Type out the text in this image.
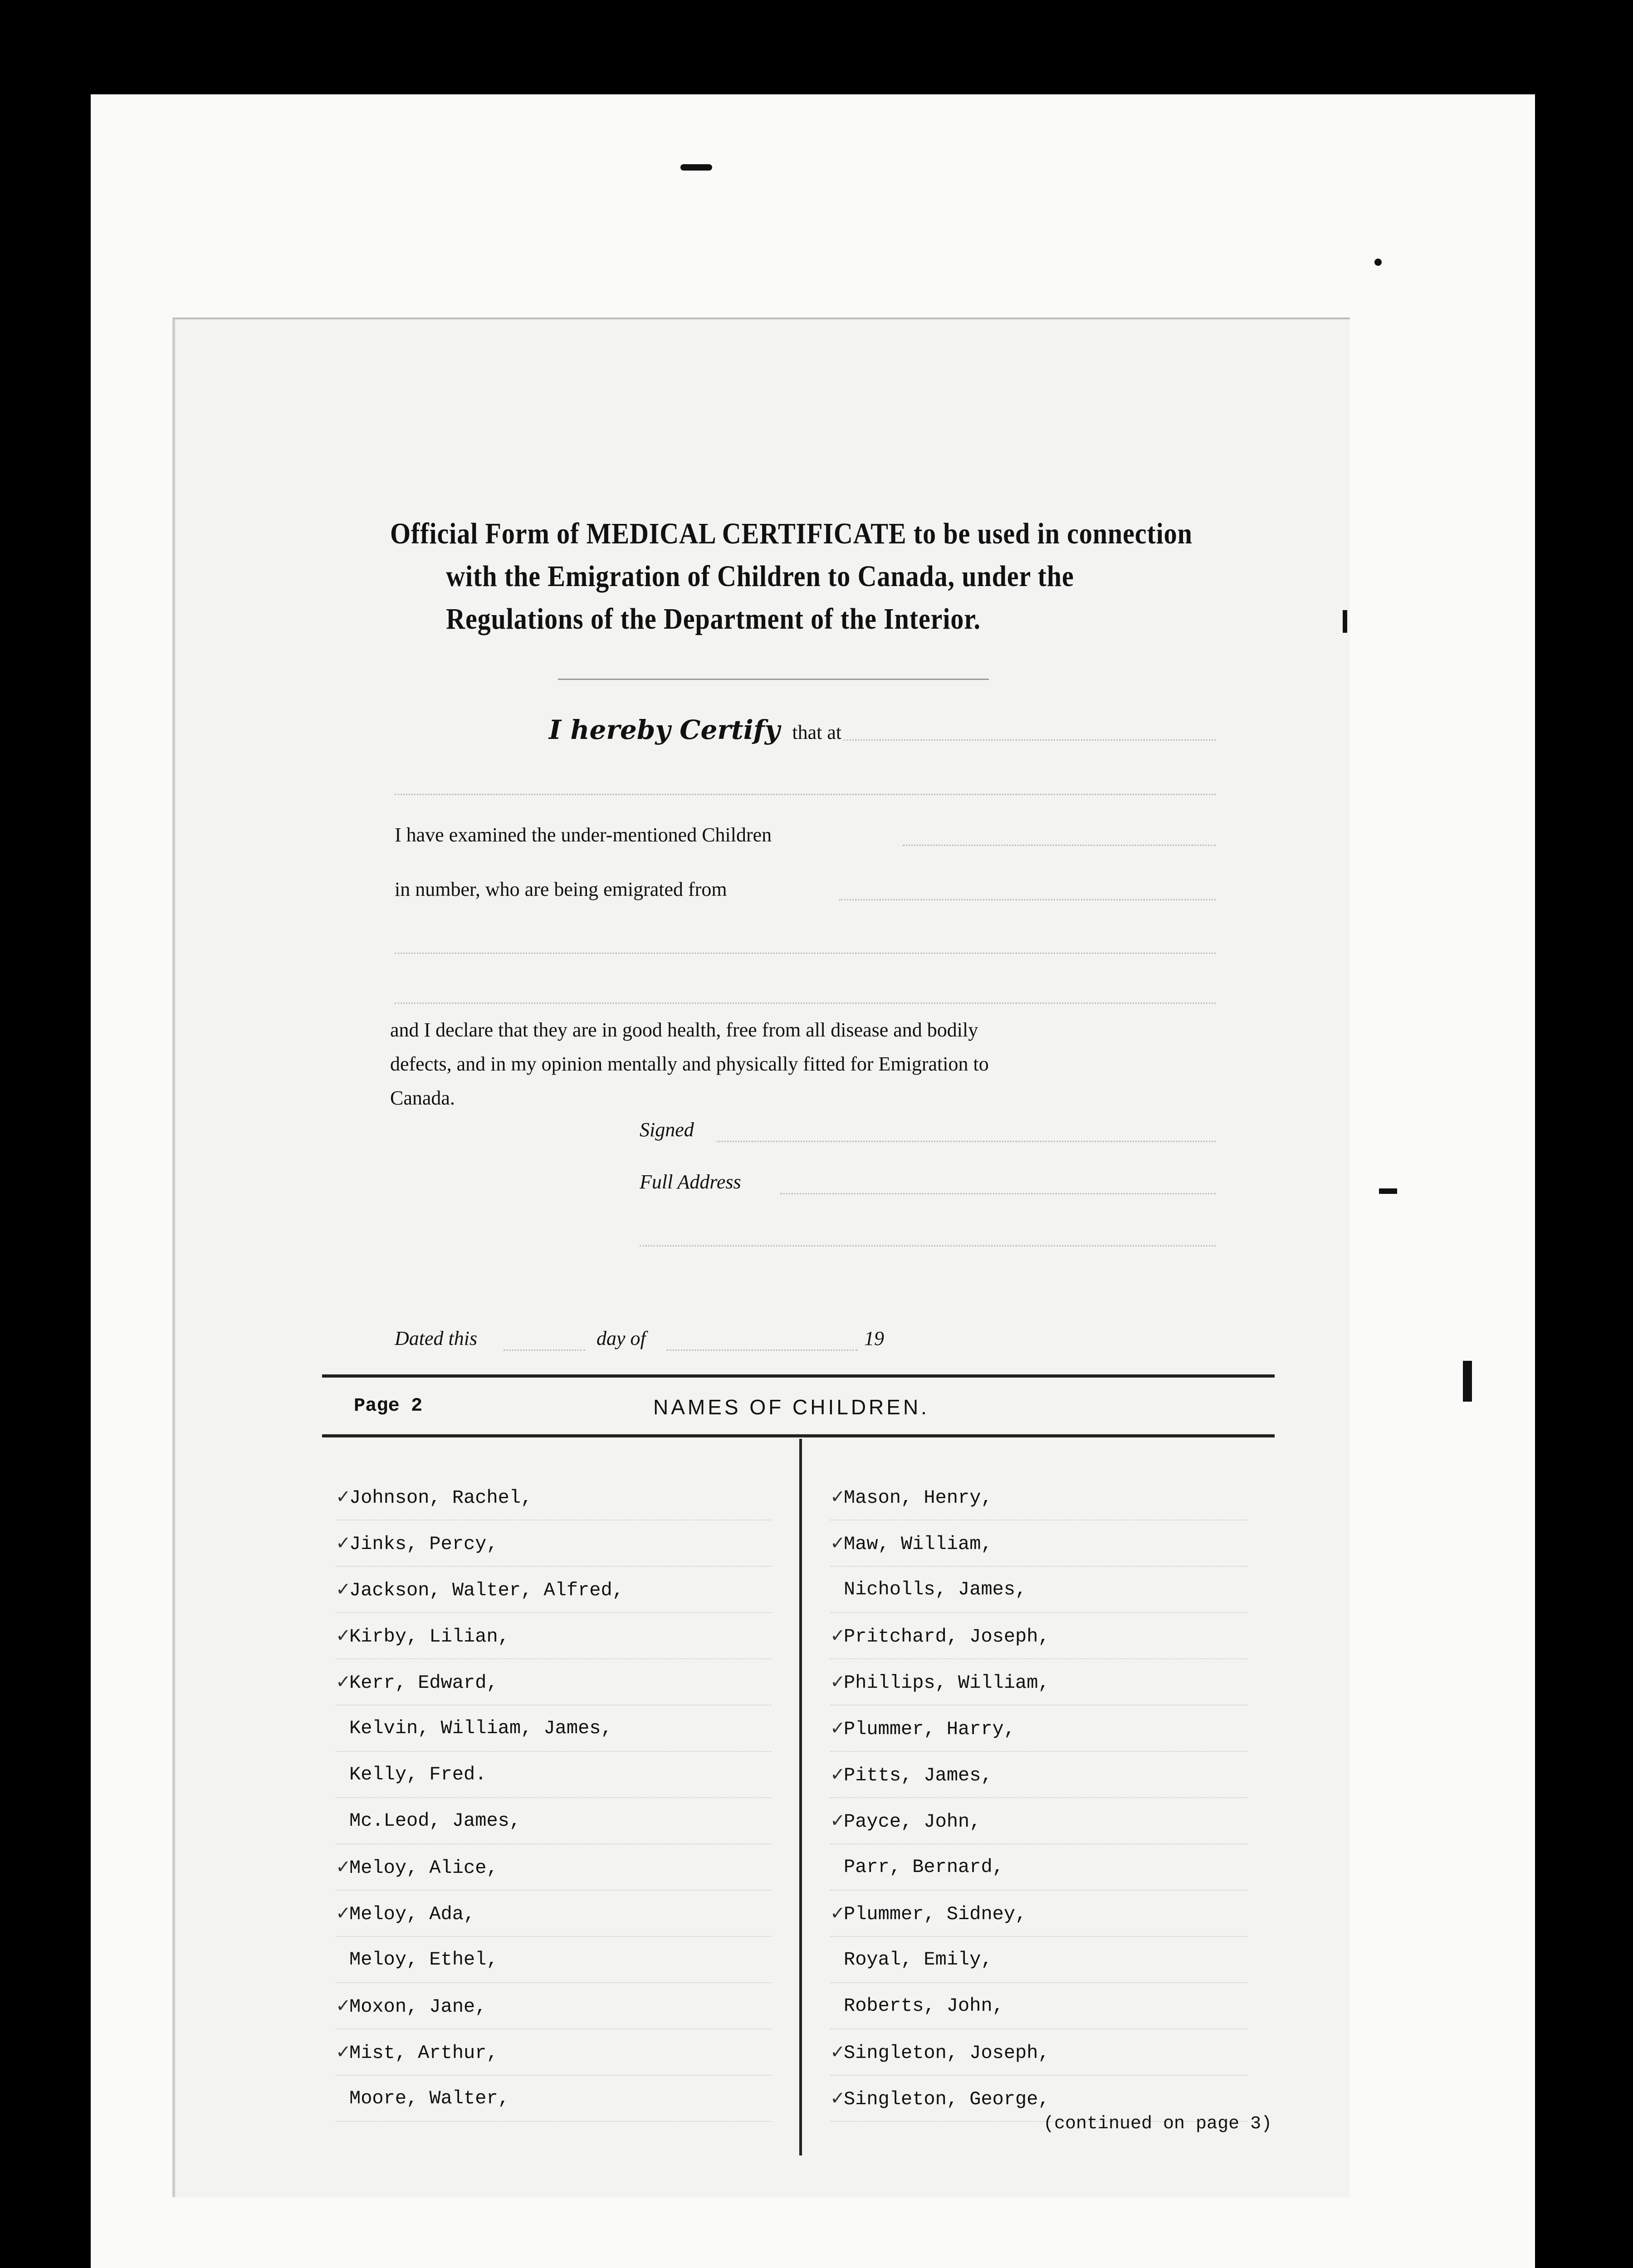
Official Form of MEDICAL CERTIFICATE to be used in connection
with the Emigration of Children to Canada, under the
Regulations of the Department of the Interior.
I hereby Certify that at
I have examined the under-mentioned Children
in number, who are being emigrated from
and I declare that they are in good health, free from all disease and bodily
defects, and in my opinion mentally and physically fitted for Emigration to
Canada.
Signed
Full Address
Dated this	day of	19
Page 2	NAMES OF CHILDREN.
✓Johnson, Rachel,
✓Jinks, Percy,
✓Jackson, Walter, Alfred,
✓Kirby, Lilian,
✓Kerr, Edward,
Kelvin, William, James,
Kelly, Fred.
Mc.Leod, James,
✓Meloy, Alice,
✓Meloy, Ada,
Meloy, Ethel,
✓Moxon, Jane,
✓Mist, Arthur,
Moore, Walter,
✓Mason, Henry,
✓Maw, William,
Nicholls, James,
✓Pritchard, Joseph,
✓Phillips, William,
✓Plummer, Harry,
✓Pitts, James,
✓Payce, John,
Parr, Bernard,
✓Plummer, Sidney,
Royal, Emily,
Roberts, John,
✓Singleton, Joseph,
✓Singleton, George,
(continued on page 3)
